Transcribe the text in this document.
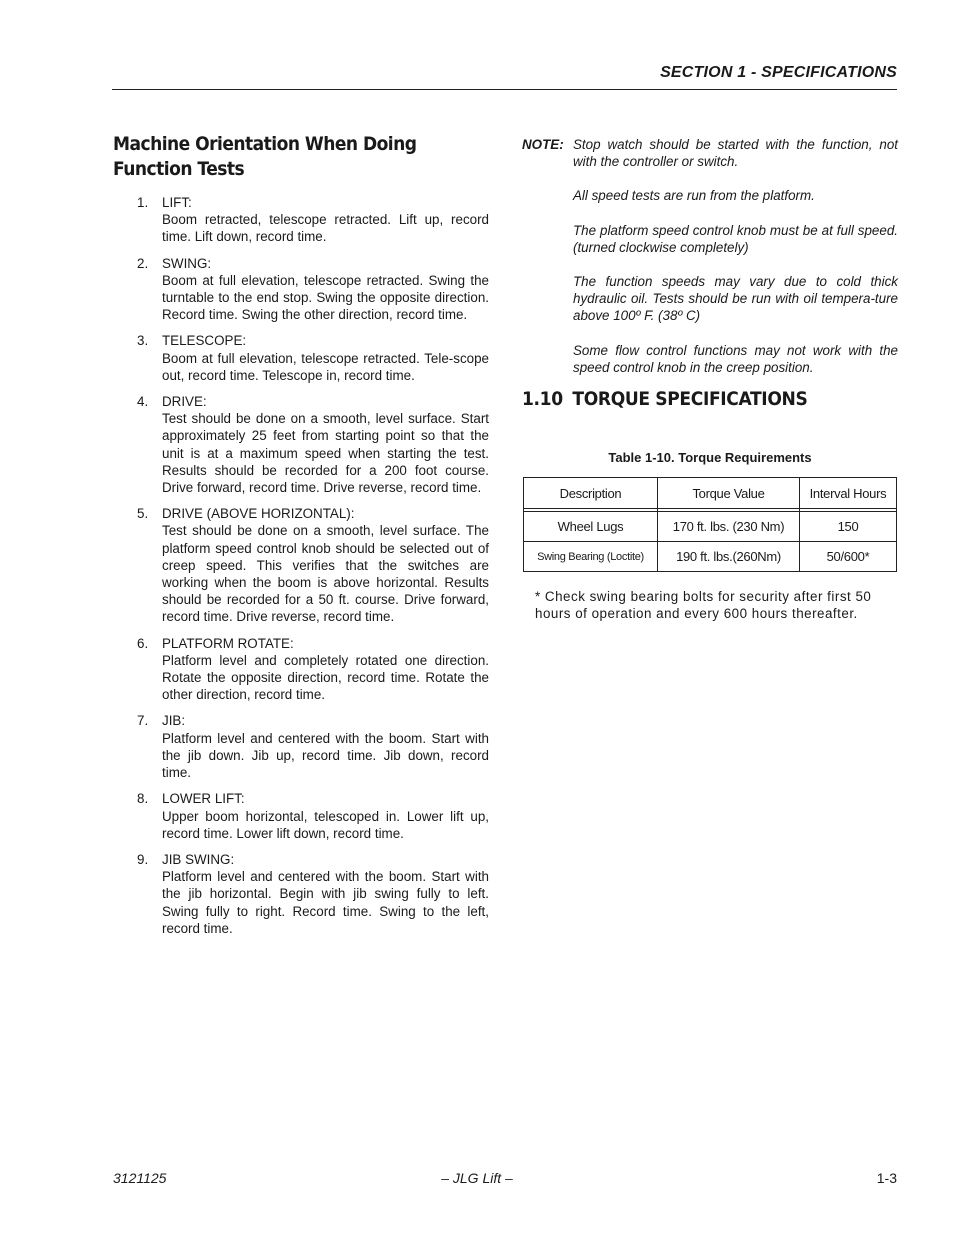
SECTION 1 - SPECIFICATIONS
Machine Orientation When Doing Function Tests
1.	LIFT:
Boom retracted, telescope retracted. Lift up, record time. Lift down, record time.
2.	SWING:
Boom at full elevation, telescope retracted. Swing the turntable to the end stop. Swing the opposite direction. Record time. Swing the other direction, record time.
3.	TELESCOPE:
Boom at full elevation, telescope retracted. Tele-scope out, record time. Telescope in, record time.
4.	DRIVE:
Test should be done on a smooth, level surface. Start approximately 25 feet from starting point so that the unit is at a maximum speed when starting the test. Results should be recorded for a 200 foot course. Drive forward, record time. Drive reverse, record time.
5.	DRIVE (ABOVE HORIZONTAL):
Test should be done on a smooth, level surface. The platform speed control knob should be selected out of creep speed. This verifies that the switches are working when the boom is above horizontal. Results should be recorded for a 50 ft. course. Drive forward, record time. Drive reverse, record time.
6.	PLATFORM ROTATE:
Platform level and completely rotated one direction. Rotate the opposite direction, record time. Rotate the other direction, record time.
7.	JIB:
Platform level and centered with the boom. Start with the jib down. Jib up, record time. Jib down, record time.
8.	LOWER LIFT:
Upper boom horizontal, telescoped in. Lower lift up, record time. Lower lift down, record time.
9.	JIB SWING:
Platform level and centered with the boom. Start with the jib horizontal. Begin with jib swing fully to left. Swing fully to right. Record time. Swing to the left, record time.
NOTE: Stop watch should be started with the function, not with the controller or switch.

All speed tests are run from the platform.

The platform speed control knob must be at full speed. (turned clockwise completely)

The function speeds may vary due to cold thick hydraulic oil. Tests should be run with oil tempera-ture above 100º F. (38º C)

Some flow control functions may not work with the speed control knob in the creep position.

1.10 TORQUE SPECIFICATIONS
Table 1-10. Torque Requirements
Description	Torque Value	Interval Hours

Wheel Lugs	170 ft. lbs. (230 Nm)	150
Swing Bearing (Loctite)	190 ft. lbs.(260Nm)	50/600*
* Check swing bearing bolts for security after first 50 hours of operation and every 600 hours thereafter.
3121125	– JLG Lift –	1-3
